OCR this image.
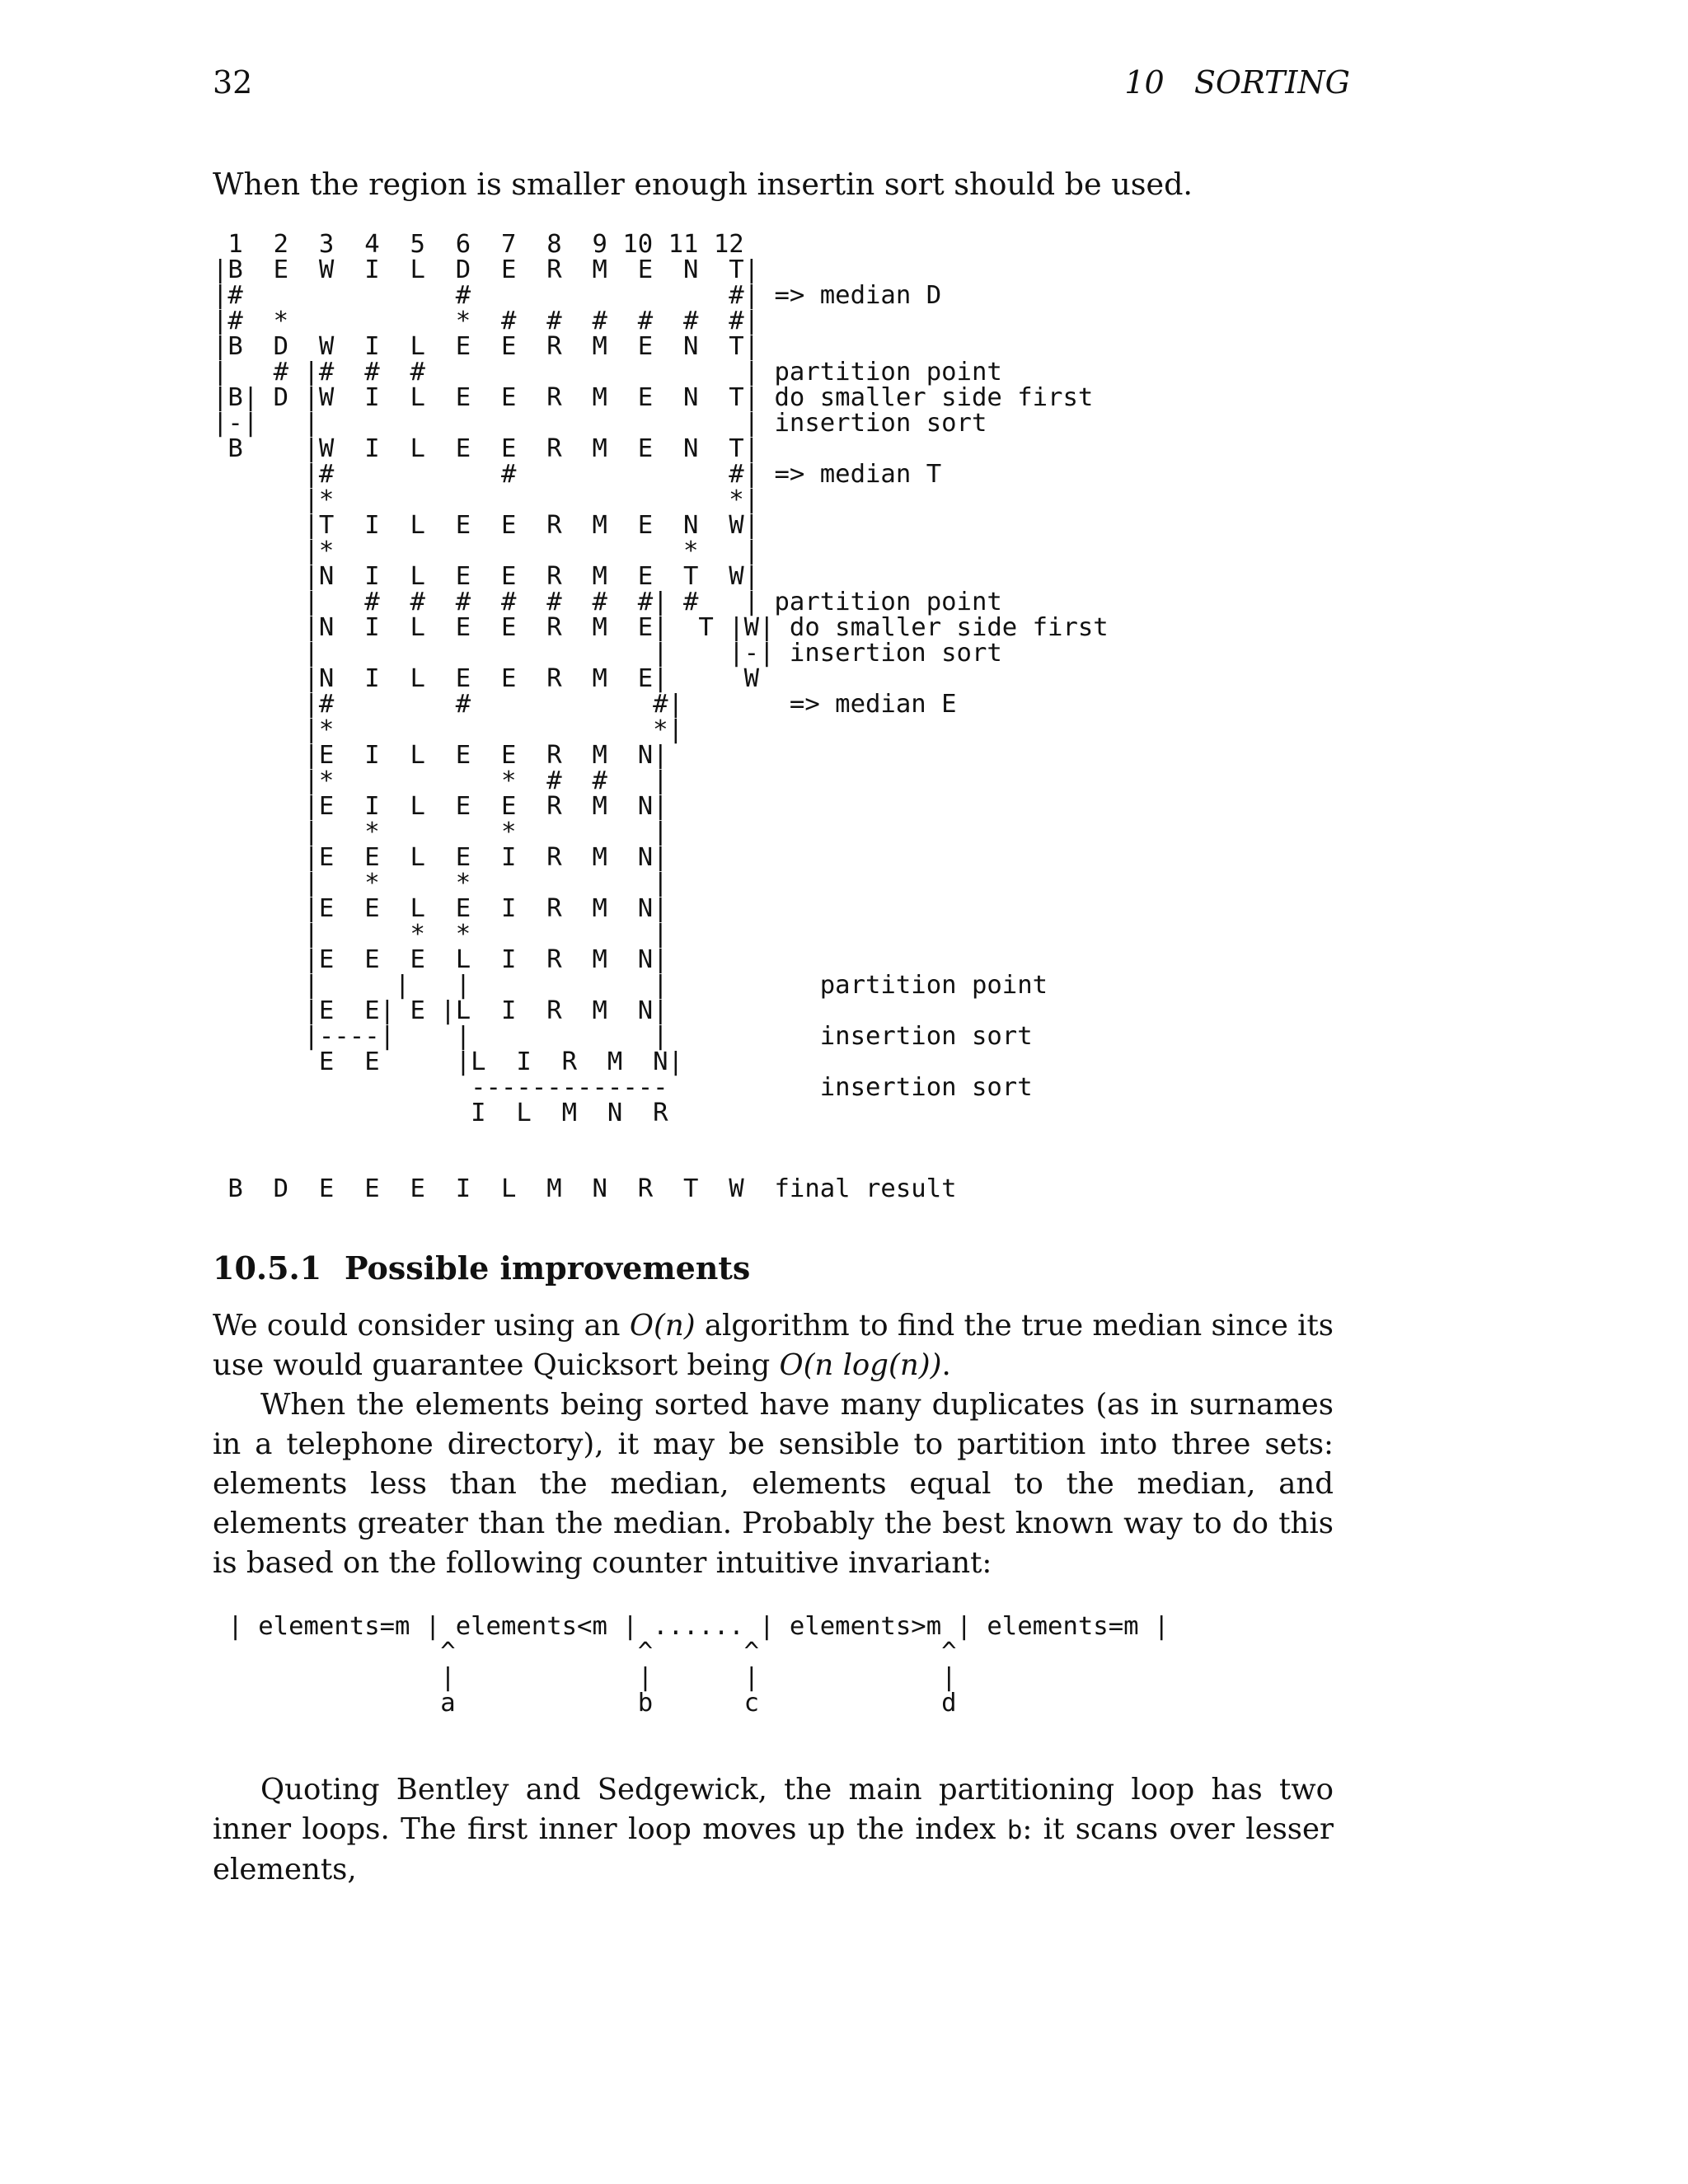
32	10   SORTING
When the region is smaller enough insertin sort should be used.
1  2  3  4  5  6  7  8  9 10 11 12
|B  E  W  I  L  D  E  R  M  E  N  T|
|#              #                 #| => median D
|#  *           *  #  #  #  #  #  #|
|B  D  W  I  L  E  E  R  M  E  N  T|
|   # |#  #  #                     | partition point
|B| D |W  I  L  E  E  R  M  E  N  T| do smaller side first
|-|   |                            | insertion sort
B    |W  I  L  E  E  R  M  E  N  T|
|#           #              #| => median T
|*                          *|
|T  I  L  E  E  R  M  E  N  W|
|*                       *   |
|N  I  L  E  E  R  M  E  T  W|
|   #  #  #  #  #  #  #| #   | partition point
|N  I  L  E  E  R  M  E|  T |W| do smaller side first
|                      |    |-| insertion sort
|N  I  L  E  E  R  M  E|     W
|#        #            #|       => median E
|*                     *|
|E  I  L  E  E  R  M  N|
|*           *  #  #   |
|E  I  L  E  E  R  M  N|
|   *        *         |
|E  E  L  E  I  R  M  N|
|   *     *            |
|E  E  L  E  I  R  M  N|
|      *  *            |
|E  E  E  L  I  R  M  N|
|     |   |            |          partition point
|E  E| E |L  I  R  M  N|
|----|    |            |          insertion sort
E  E     |L  I  R  M  N|
-------------          insertion sort
I  L  M  N  R
B  D  E  E  E  I  L  M  N  R  T  W  final result
10.5.1 Possible improvements

We could consider using an O(n) algorithm to find the true median since its use would guarantee Quicksort being O(n log(n)).

When the elements being sorted have many duplicates (as in surnames in a telephone directory), it may be sensible to partition into three sets: elements less than the median, elements equal to the median, and elements greater than the median. Probably the best known way to do this is based on the following counter intuitive invariant:

| elements=m | elements<m | ...... | elements>m | elements=m |
^            ^      ^            ^
|            |      |            |
a            b      c            d

Quoting Bentley and Sedgewick, the main partitioning loop has two inner loops. The first inner loop moves up the index b: it scans over lesser elements,
